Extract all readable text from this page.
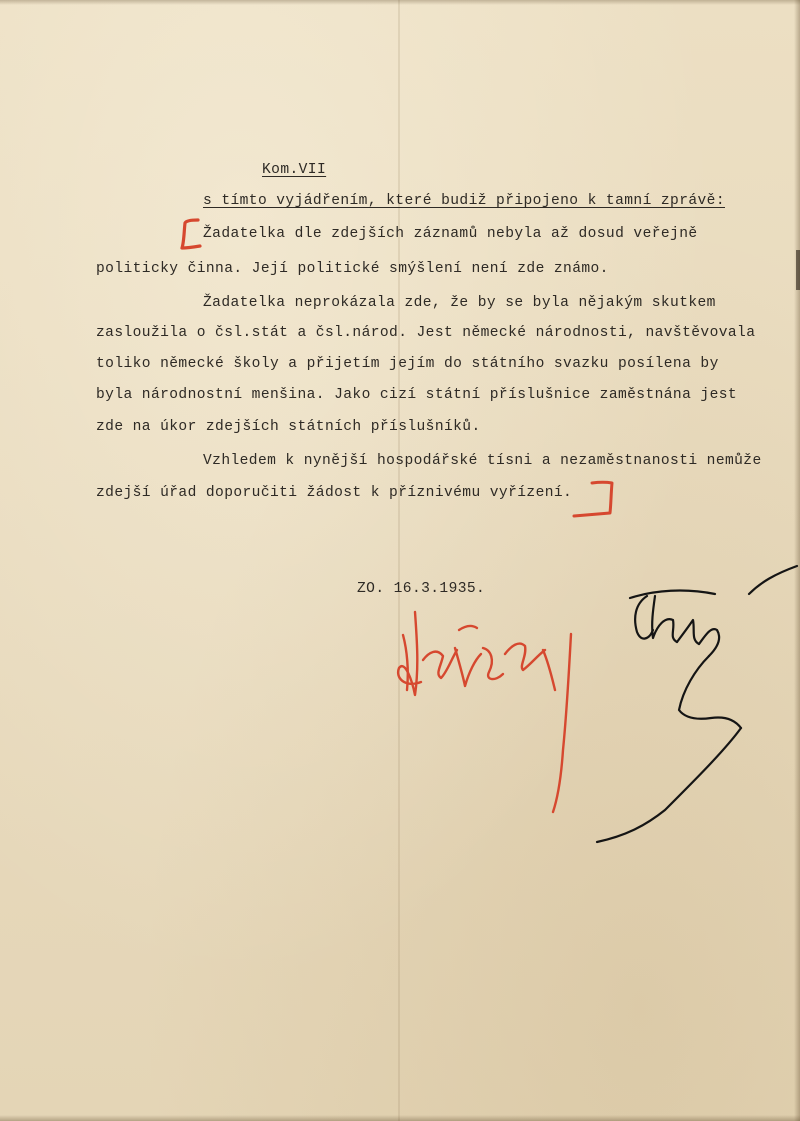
Kom.VII
s tímto vyjádřením, které budiž připojeno k tamní zprávě:
Žadatelka dle zdejších záznamů nebyla až dosud veřejně
politicky činna. Její politické smýšlení není zde známo.
Žadatelka neprokázala zde, že by se byla nějakým skutkem
zasloužila o čsl.stát a čsl.národ. Jest německé národnosti, navštěvovala
toliko německé školy a přijetím jejím do státního svazku posílena by
byla národnostní menšina. Jako cizí státní příslušnice zaměstnána jest
zde na úkor zdejších státních příslušníků.
Vzhledem k nynější hospodářské tísni a nezaměstnanosti nemůže
zdejší úřad doporučiti žádost k příznivému vyřízení.
ZO. 16.3.1935.
